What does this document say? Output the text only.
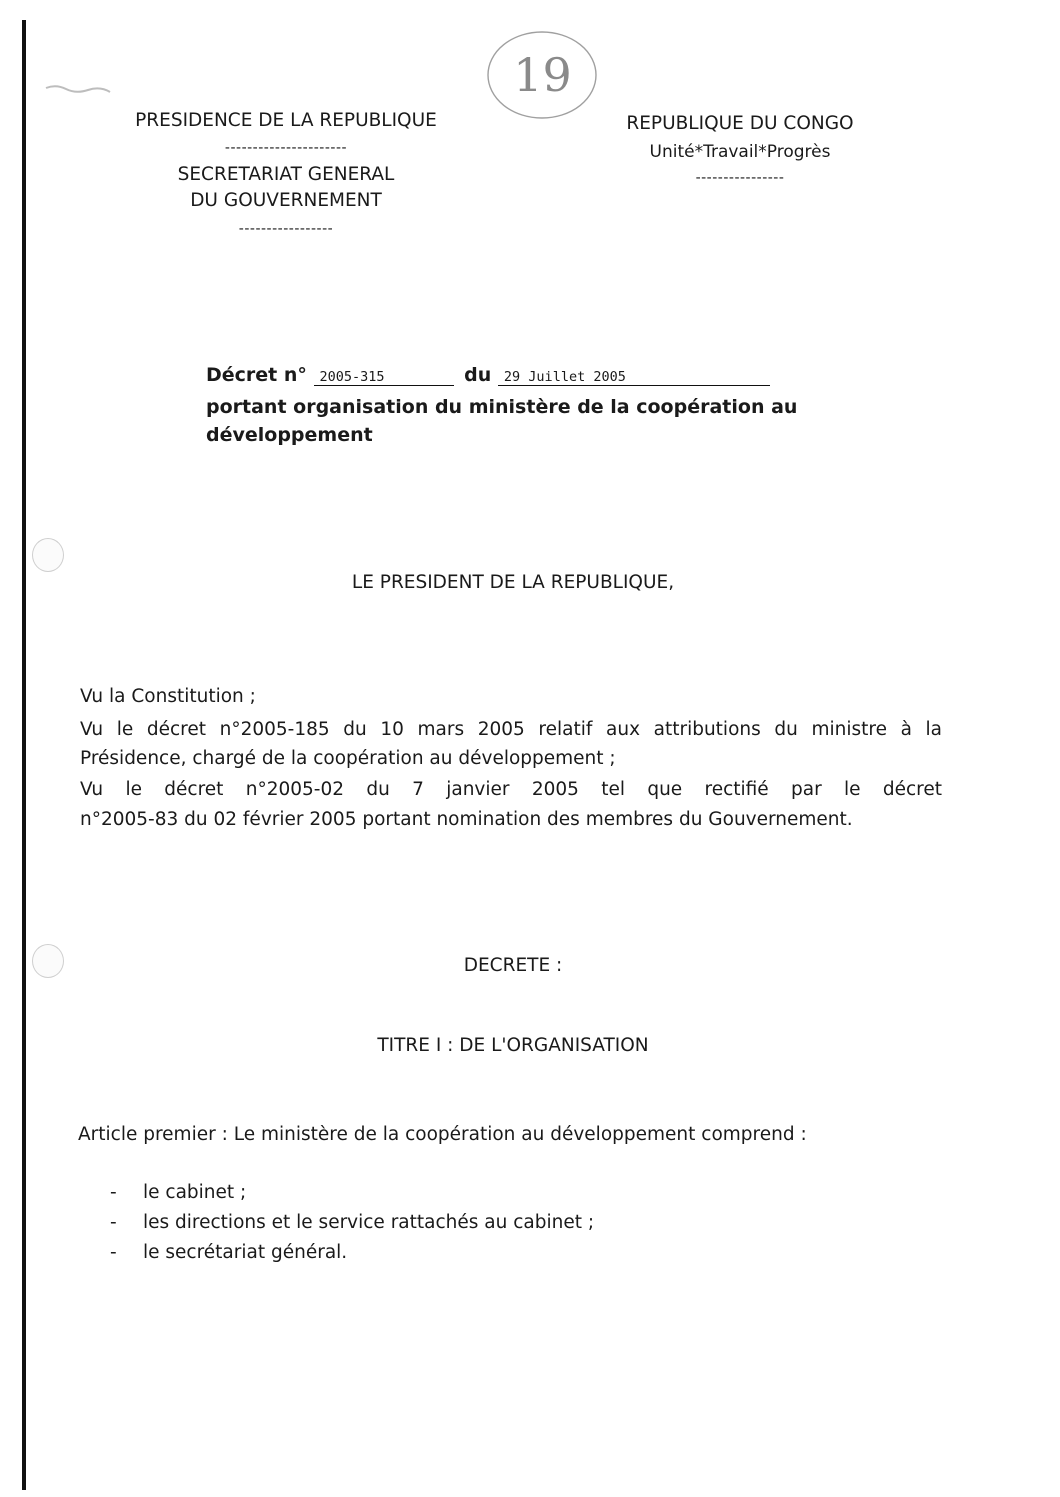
19
PRESIDENCE DE LA REPUBLIQUE
----------------------
SECRETARIAT GENERAL
DU GOUVERNEMENT
-----------------
REPUBLIQUE DU CONGO
Unité*Travail*Progrès
----------------
Décret n° 2005-315	du 29 Juillet 2005
portant organisation du ministère de la coopération au
développement
LE PRESIDENT DE LA REPUBLIQUE,
Vu la Constitution ;
Vu le décret n°2005-185 du 10 mars 2005 relatif aux attributions du ministre à la
Présidence, chargé de la coopération au développement ;
Vu le décret n°2005-02 du 7 janvier 2005 tel que rectifié par le décret
n°2005-83 du 02 février 2005 portant nomination des membres du Gouvernement.
DECRETE :
TITRE I : DE L'ORGANISATION
Article premier : Le ministère de la coopération au développement comprend :
- le cabinet ;
- les directions et le service rattachés au cabinet ;
- le secrétariat général.
